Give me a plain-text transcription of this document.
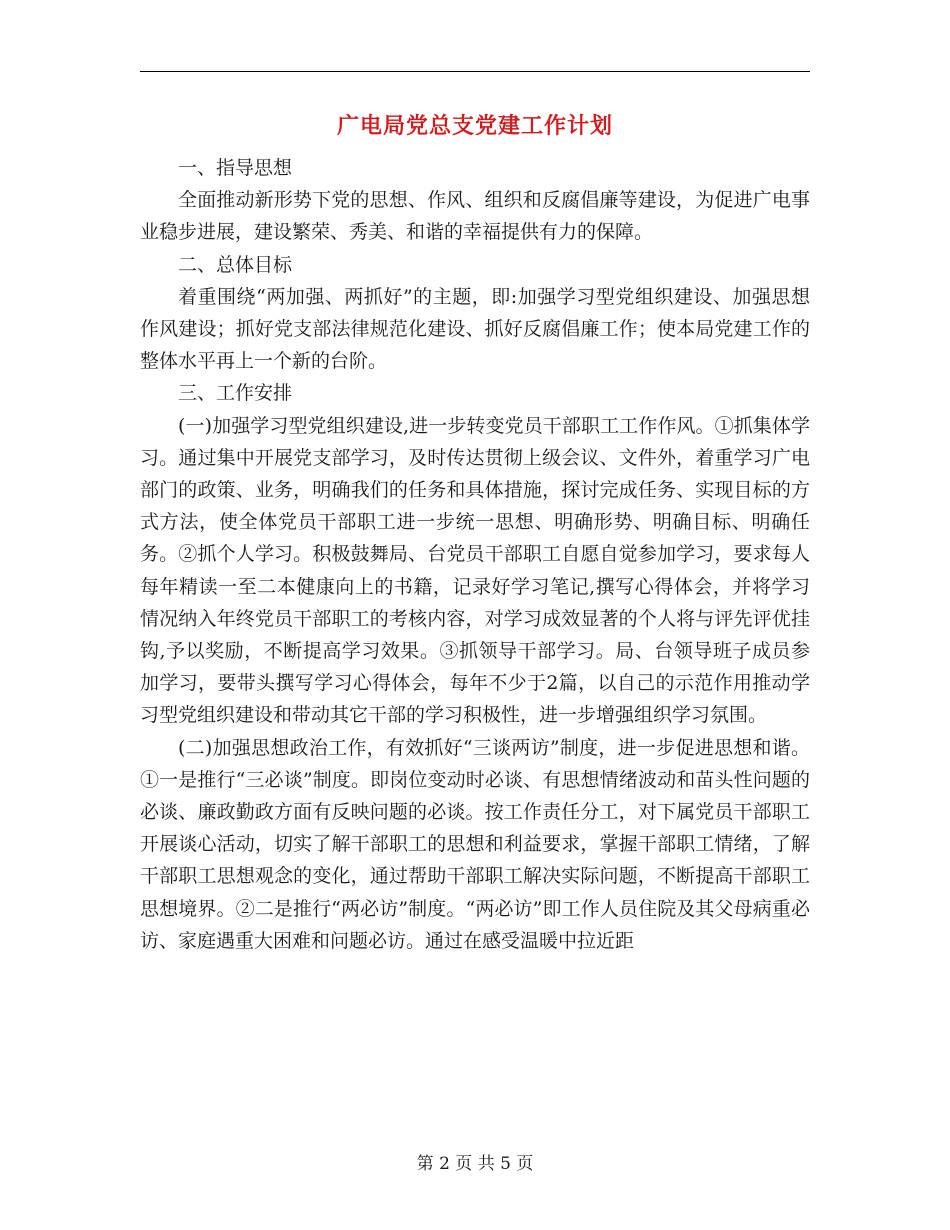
广电局党总支党建工作计划

一、指导思想

全面推动新形势下党的思想、作风、组织和反腐倡廉等建设，为促进广电事业稳步进展，建设繁荣、秀美、和谐的幸福提供有力的保障。

二、总体目标

着重围绕“两加强、两抓好”的主题，即:加强学习型党组织建设、加强思想作风建设；抓好党支部法律规范化建设、抓好反腐倡廉工作；使本局党建工作的整体水平再上一个新的台阶。

三、工作安排

(一)加强学习型党组织建设,进一步转变党员干部职工工作作风。①抓集体学习。通过集中开展党支部学习，及时传达贯彻上级会议、文件外，着重学习广电部门的政策、业务，明确我们的任务和具体措施，探讨完成任务、实现目标的方式方法，使全体党员干部职工进一步统一思想、明确形势、明确目标、明确任务。②抓个人学习。积极鼓舞局、台党员干部职工自愿自觉参加学习，要求每人每年精读一至二本健康向上的书籍，记录好学习笔记,撰写心得体会，并将学习情况纳入年终党员干部职工的考核内容，对学习成效显著的个人将与评先评优挂钩,予以奖励，不断提高学习效果。③抓领导干部学习。局、台领导班子成员参加学习，要带头撰写学习心得体会，每年不少于2篇，以自己的示范作用推动学习型党组织建设和带动其它干部的学习积极性，进一步增强组织学习氛围。

(二)加强思想政治工作，有效抓好“三谈两访”制度，进一步促进思想和谐。①一是推行“三必谈”制度。即岗位变动时必谈、有思想情绪波动和苗头性问题的必谈、廉政勤政方面有反映问题的必谈。按工作责任分工，对下属党员干部职工开展谈心活动，切实了解干部职工的思想和利益要求，掌握干部职工情绪，了解干部职工思想观念的变化，通过帮助干部职工解决实际问题，不断提高干部职工思想境界。②二是推行“两必访”制度。“两必访”即工作人员住院及其父母病重必访、家庭遇重大困难和问题必访。通过在感受温暖中拉近距

第 2 页 共 5 页
